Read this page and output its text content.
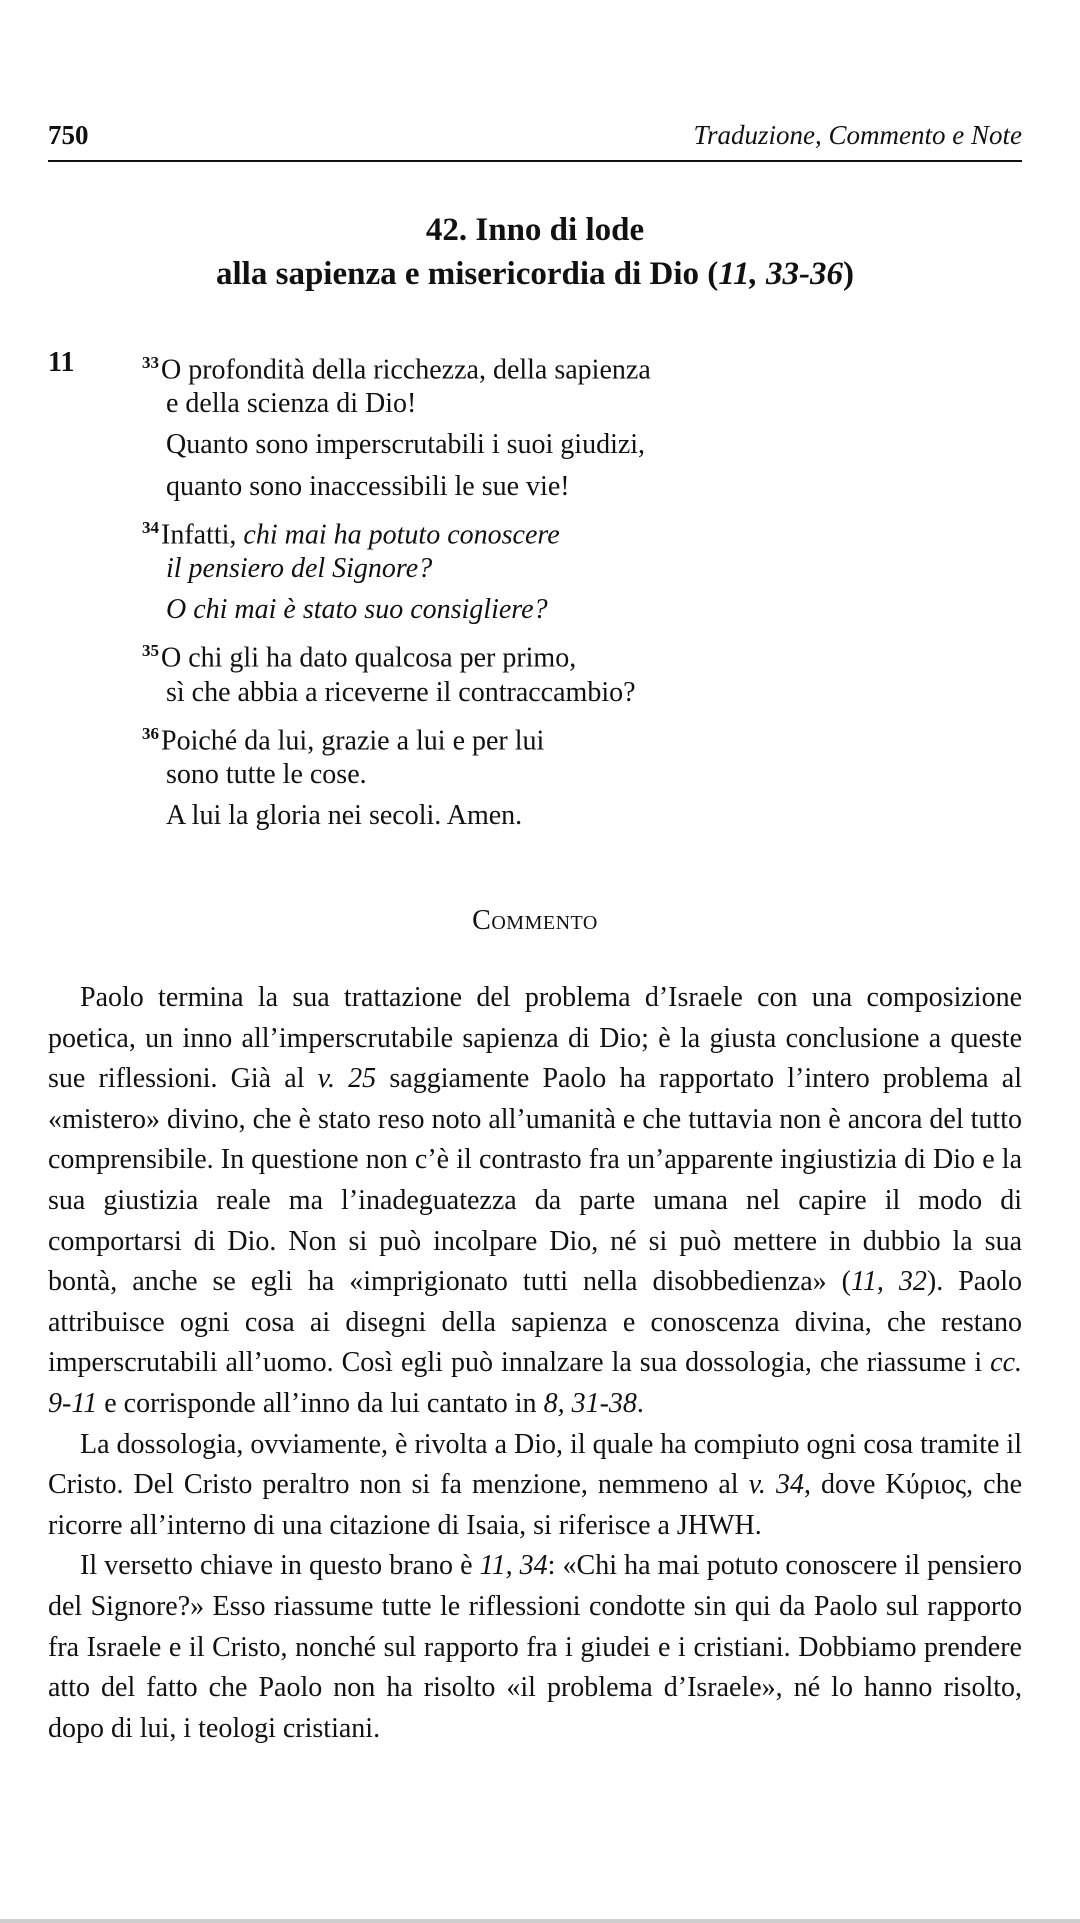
750	Traduzione, Commento e Note
42. Inno di lode
alla sapienza e misericordia di Dio (11, 33-36)
11	$^{33}$O profondità della ricchezza, della sapienza
e della scienza di Dio!
Quanto sono imperscrutabili i suoi giudizi,
quanto sono inaccessibili le sue vie!
$^{34}$Infatti, chi mai ha potuto conoscere
il pensiero del Signore?
O chi mai è stato suo consigliere?
$^{35}$O chi gli ha dato qualcosa per primo,
sì che abbia a riceverne il contraccambio?
$^{36}$Poiché da lui, grazie a lui e per lui
sono tutte le cose.
A lui la gloria nei secoli. Amen.
Commento

Paolo termina la sua trattazione del problema d’Israele con una composizione poetica, un inno all’imperscrutabile sapienza di Dio; è la giusta conclusione a queste sue riflessioni. Già al v. 25 saggiamente Paolo ha rapportato l’intero problema al «mistero» divino, che è stato reso noto all’umanità e che tuttavia non è ancora del tutto comprensibile. In questione non c’è il contrasto fra un’apparente ingiustizia di Dio e la sua giustizia reale ma l’inadeguatezza da parte umana nel capire il modo di comportarsi di Dio. Non si può incolpare Dio, né si può mettere in dubbio la sua bontà, anche se egli ha «imprigionato tutti nella disobbedienza» (11, 32). Paolo attribuisce ogni cosa ai disegni della sapienza e conoscenza divina, che restano imperscrutabili all’uomo. Così egli può innalzare la sua dossologia, che riassume i cc. 9-11 e corrisponde all’inno da lui cantato in 8, 31-38.

La dossologia, ovviamente, è rivolta a Dio, il quale ha compiuto ogni cosa tramite il Cristo. Del Cristo peraltro non si fa menzione, nemmeno al v. 34, dove Κύριος, che ricorre all’interno di una citazione di Isaia, si riferisce a JHWH.

Il versetto chiave in questo brano è 11, 34: «Chi ha mai potuto conoscere il pensiero del Signore?» Esso riassume tutte le riflessioni condotte sin qui da Paolo sul rapporto fra Israele e il Cristo, nonché sul rapporto fra i giudei e i cristiani. Dobbiamo prendere atto del fatto che Paolo non ha risolto «il problema d’Israele», né lo hanno risolto, dopo di lui, i teologi cristiani.
